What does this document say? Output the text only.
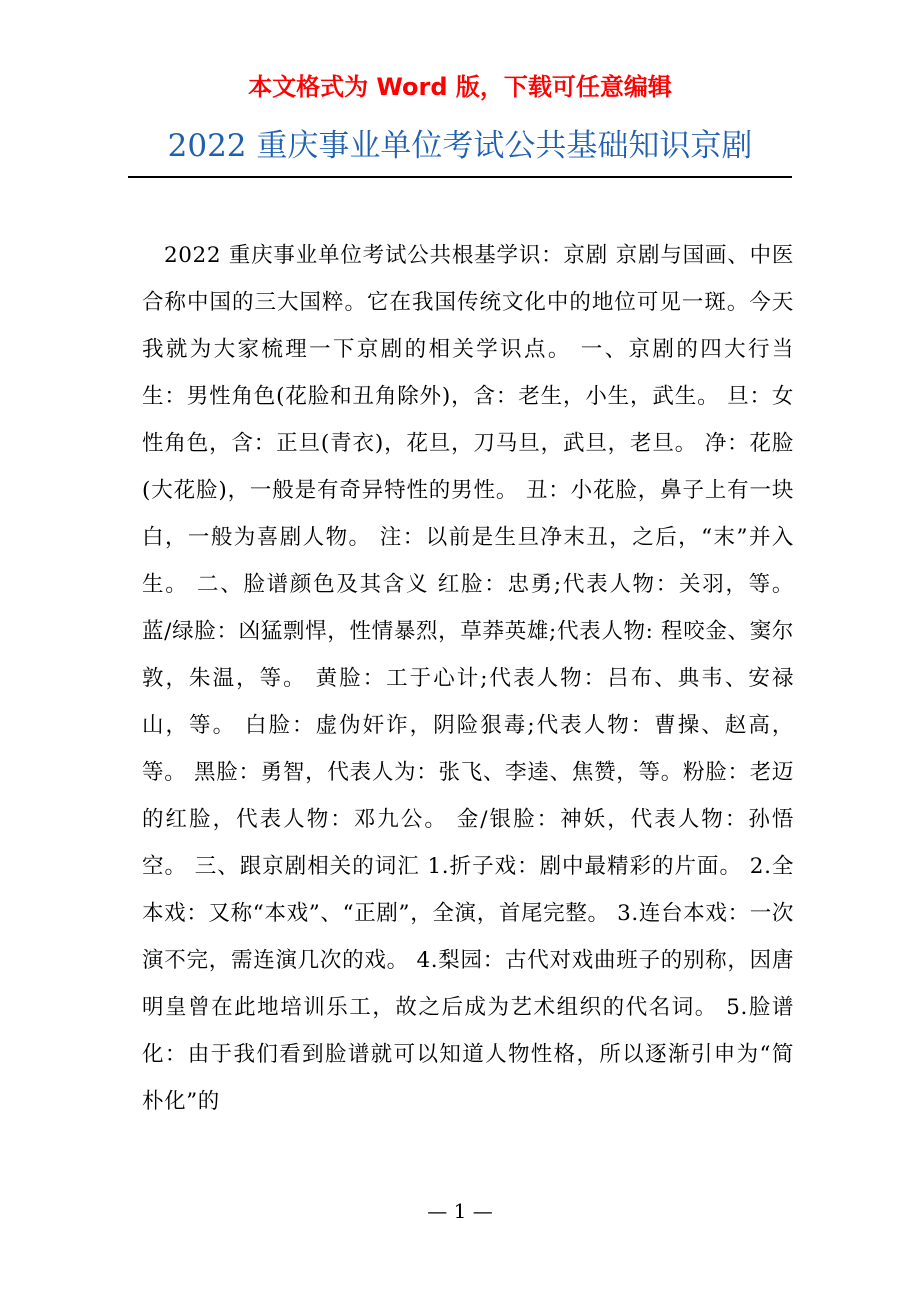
本文格式为 Word 版，下载可任意编辑
2022 重庆事业单位考试公共基础知识京剧

2022 重庆事业单位考试公共根基学识：京剧 京剧与国画、中医合称中国的三大国粹。它在我国传统文化中的地位可见一斑。今天我就为大家梳理一下京剧的相关学识点。 一、京剧的四大行当 生：男性角色(花脸和丑角除外)，含：老生，小生，武生。 旦：女性角色，含：正旦(青衣)，花旦，刀马旦，武旦，老旦。 净：花脸(大花脸)，一般是有奇异特性的男性。 丑：小花脸，鼻子上有一块白，一般为喜剧人物。 注：以前是生旦净末丑，之后，“末”并入生。 二、脸谱颜色及其含义 红脸：忠勇;代表人物：关羽，等。 蓝/绿脸：凶猛剽悍，性情暴烈，草莽英雄;代表人物: 程咬金、窦尔敦，朱温，等。 黄脸：工于心计;代表人物：吕布、典韦、安禄山，等。 白脸：虚伪奸诈，阴险狠毒;代表人物：曹操、赵高，等。 黑脸：勇智，代表人为：张飞、李逵、焦赞，等。粉脸：老迈的红脸，代表人物：邓九公。 金/银脸：神妖，代表人物：孙悟空。 三、跟京剧相关的词汇 1.折子戏：剧中最精彩的片面。 2.全本戏：又称“本戏”、“正剧”，全演，首尾完整。 3.连台本戏：一次演不完，需连演几次的戏。 4.梨园：古代对戏曲班子的别称，因唐明皇曾在此地培训乐工，故之后成为艺术组织的代名词。 5.脸谱化：由于我们看到脸谱就可以知道人物性格，所以逐渐引申为“简朴化”的

— 1 —
